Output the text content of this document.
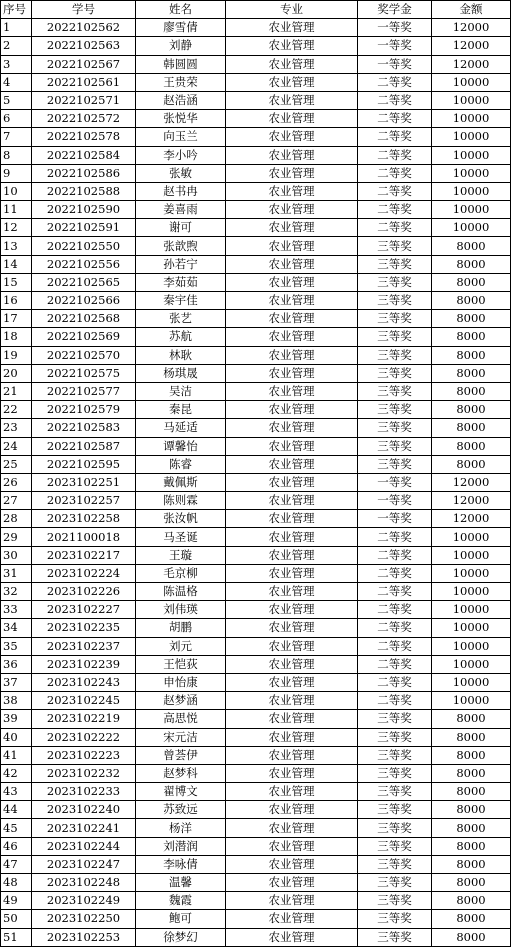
序号	学号	姓名	专业	奖学金	金额
1	2022102562	廖雪倩	农业管理	一等奖	12000
2	2022102563	刘静	农业管理	一等奖	12000
3	2022102567	韩圆圆	农业管理	一等奖	12000
4	2022102561	王贵荣	农业管理	二等奖	10000
5	2022102571	赵浩涵	农业管理	二等奖	10000
6	2022102572	张悦华	农业管理	二等奖	10000
7	2022102578	向玉兰	农业管理	二等奖	10000
8	2022102584	李小吟	农业管理	二等奖	10000
9	2022102586	张敏	农业管理	二等奖	10000
10	2022102588	赵书冉	农业管理	二等奖	10000
11	2022102590	姜喜雨	农业管理	二等奖	10000
12	2022102591	谢可	农业管理	二等奖	10000
13	2022102550	张歆煦	农业管理	三等奖	8000
14	2022102556	孙若宁	农业管理	三等奖	8000
15	2022102565	李茹茹	农业管理	三等奖	8000
16	2022102566	秦宇佳	农业管理	三等奖	8000
17	2022102568	张艺	农业管理	三等奖	8000
18	2022102569	苏航	农业管理	三等奖	8000
19	2022102570	林耿	农业管理	三等奖	8000
20	2022102575	杨琪晟	农业管理	三等奖	8000
21	2022102577	吴洁	农业管理	三等奖	8000
22	2022102579	秦昆	农业管理	三等奖	8000
23	2022102583	马延适	农业管理	三等奖	8000
24	2022102587	谭馨怡	农业管理	三等奖	8000
25	2022102595	陈睿	农业管理	三等奖	8000
26	2023102251	戴佩斯	农业管理	一等奖	12000
27	2023102257	陈则霖	农业管理	一等奖	12000
28	2023102258	张汝帆	农业管理	一等奖	12000
29	2021100018	马圣诞	农业管理	二等奖	10000
30	2023102217	王璇	农业管理	二等奖	10000
31	2023102224	毛京柳	农业管理	二等奖	10000
32	2023102226	陈温格	农业管理	二等奖	10000
33	2023102227	刘伟瑛	农业管理	二等奖	10000
34	2023102235	胡鹏	农业管理	二等奖	10000
35	2023102237	刘元	农业管理	二等奖	10000
36	2023102239	王恺荻	农业管理	二等奖	10000
37	2023102243	申怡康	农业管理	二等奖	10000
38	2023102245	赵梦涵	农业管理	二等奖	10000
39	2023102219	高思悦	农业管理	三等奖	8000
40	2023102222	宋元洁	农业管理	三等奖	8000
41	2023102223	曾荟伊	农业管理	三等奖	8000
42	2023102232	赵梦科	农业管理	三等奖	8000
43	2023102233	翟博文	农业管理	三等奖	8000
44	2023102240	苏致远	农业管理	三等奖	8000
45	2023102241	杨洋	农业管理	三等奖	8000
46	2023102244	刘潜润	农业管理	三等奖	8000
47	2023102247	李咏倩	农业管理	三等奖	8000
48	2023102248	温馨	农业管理	三等奖	8000
49	2023102249	魏霞	农业管理	三等奖	8000
50	2023102250	鲍可	农业管理	三等奖	8000
51	2023102253	徐梦幻	农业管理	三等奖	8000
